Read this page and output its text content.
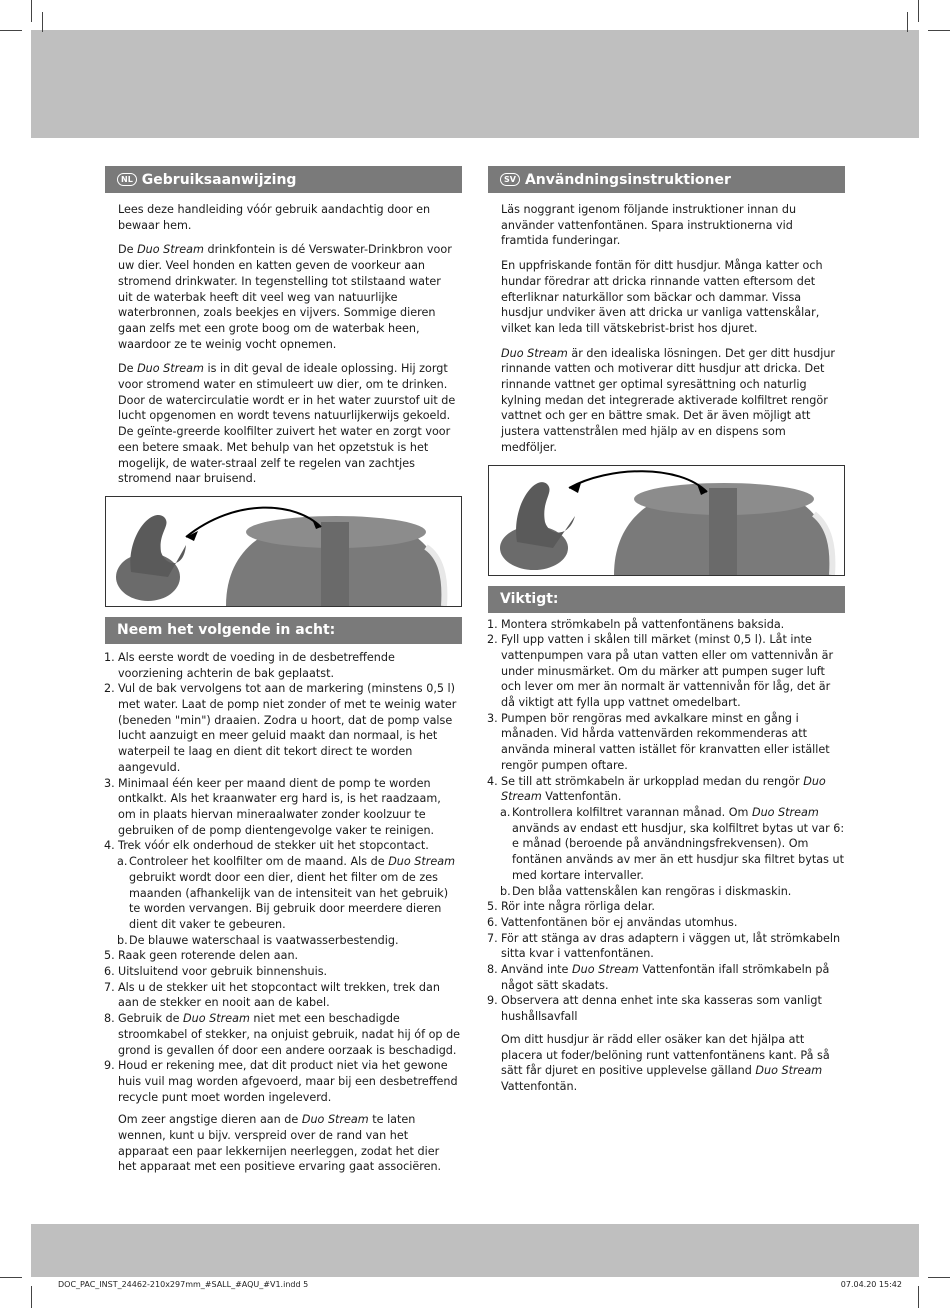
NL Gebruiksaanwijzing

Lees deze handleiding vóór gebruik aandachtig door en bewaar hem.

De Duo Stream drinkfontein is dé Verswater-Drinkbron voor uw dier. Veel honden en katten geven de voorkeur aan stromend drinkwater. In tegenstelling tot stilstaand water uit de waterbak heeft dit veel weg van natuurlijke waterbronnen, zoals beekjes en vijvers. Sommige dieren gaan zelfs met een grote boog om de waterbak heen, waardoor ze te weinig vocht opnemen.

De Duo Stream is in dit geval de ideale oplossing. Hij zorgt voor stromend water en stimuleert uw dier, om te drinken. Door de watercirculatie wordt er in het water zuurstof uit de lucht opgenomen en wordt tevens natuurlijkerwijs gekoeld. De geïnte-greerde koolfilter zuivert het water en zorgt voor een betere smaak. Met behulp van het opzetstuk is het mogelijk, de water-straal zelf te regelen van zachtjes stromend naar bruisend.

Neem het volgende in acht:
1. Als eerste wordt de voeding in de desbetreffende voorziening achterin de bak geplaatst.
2. Vul de bak vervolgens tot aan de markering (minstens 0,5 l) met water. Laat de pomp niet zonder of met te weinig water (beneden "min") draaien. Zodra u hoort, dat de pomp valse lucht aanzuigt en meer geluid maakt dan normaal, is het waterpeil te laag en dient dit tekort direct te worden aangevuld.
3. Minimaal één keer per maand dient de pomp te worden ontkalkt. Als het kraanwater erg hard is, is het raadzaam, om in plaats hiervan mineraalwater zonder koolzuur te gebruiken of de pomp dientengevolge vaker te reinigen.
4. Trek vóór elk onderhoud de stekker uit het stopcontact.
a. Controleer het koolfilter om de maand. Als de Duo Stream gebruikt wordt door een dier, dient het filter om de zes maanden (afhankelijk van de intensiteit van het gebruik) te worden vervangen. Bij gebruik door meerdere dieren dient dit vaker te gebeuren.
b. De blauwe waterschaal is vaatwasserbestendig.
5. Raak geen roterende delen aan.
6. Uitsluitend voor gebruik binnenshuis.
7. Als u de stekker uit het stopcontact wilt trekken, trek dan aan de stekker en nooit aan de kabel.
8. Gebruik de Duo Stream niet met een beschadigde stroomkabel of stekker, na onjuist gebruik, nadat hij óf op de grond is gevallen óf door een andere oorzaak is beschadigd.
9. Houd er rekening mee, dat dit product niet via het gewone huis vuil mag worden afgevoerd, maar bij een desbetreffend recycle punt moet worden ingeleverd.

Om zeer angstige dieren aan de Duo Stream te laten wennen, kunt u bijv. verspreid over de rand van het apparaat een paar lekkernijen neerleggen, zodat het dier het apparaat met een positieve ervaring gaat associëren.

SV Användningsinstruktioner

Läs noggrant igenom följande instruktioner innan du använder vattenfontänen. Spara instruktionerna vid framtida funderingar.

En uppfriskande fontän för ditt husdjur. Många katter och hundar föredrar att dricka rinnande vatten eftersom det efterliknar naturkällor som bäckar och dammar. Vissa husdjur undviker även att dricka ur vanliga vattenskålar, vilket kan leda till vätskebrist-brist hos djuret.

Duo Stream är den idealiska lösningen. Det ger ditt husdjur rinnande vatten och motiverar ditt husdjur att dricka. Det rinnande vattnet ger optimal syresättning och naturlig kylning medan det integrerade aktiverade kolfiltret rengör vattnet och ger en bättre smak. Det är även möjligt att justera vattenstrålen med hjälp av en dispens som medföljer.

Viktigt:
1. Montera strömkabeln på vattenfontänens baksida.
2. Fyll upp vatten i skålen till märket (minst 0,5 l). Låt inte vattenpumpen vara på utan vatten eller om vattennivån är under minusmärket. Om du märker att pumpen suger luft och lever om mer än normalt är vattennivån för låg, det är då viktigt att fylla upp vattnet omedelbart.
3. Pumpen bör rengöras med avkalkare minst en gång i månaden. Vid hårda vattenvärden rekommenderas att använda mineral vatten istället för kranvatten eller istället rengör pumpen oftare.
4. Se till att strömkabeln är urkopplad medan du rengör Duo Stream Vattenfontän.
a. Kontrollera kolfiltret varannan månad. Om Duo Stream används av endast ett husdjur, ska kolfiltret bytas ut var 6: e månad (beroende på användningsfrekvensen). Om fontänen används av mer än ett husdjur ska filtret bytas ut med kortare intervaller.
b. Den blåa vattenskålen kan rengöras i diskmaskin.
5. Rör inte några rörliga delar.
6. Vattenfontänen bör ej användas utomhus.
7. För att stänga av dras adaptern i väggen ut, låt strömkabeln sitta kvar i vattenfontänen.
8. Använd inte Duo Stream Vattenfontän ifall strömkabeln på något sätt skadats.
9. Observera att denna enhet inte ska kasseras som vanligt hushållsavfall

Om ditt husdjur är rädd eller osäker kan det hjälpa att placera ut foder/belöning runt vattenfontänens kant. På så sätt får djuret en positive upplevelse gälland Duo Stream Vattenfontän.

DOC_PAC_INST_24462-210x297mm_#SALL_#AQU_#V1.indd 5	07.04.20 15:42
